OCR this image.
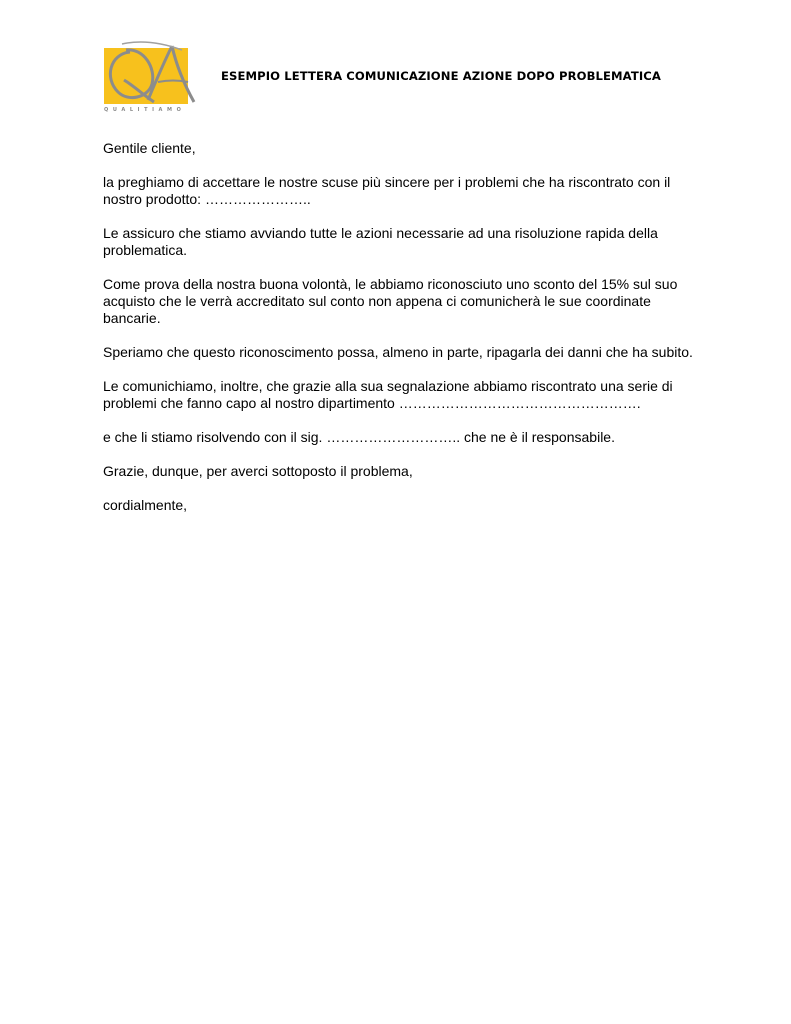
QUALITIAMO
ESEMPIO LETTERA COMUNICAZIONE AZIONE DOPO PROBLEMATICA

Gentile cliente,

la preghiamo di accettare le nostre scuse più sincere per i problemi che ha riscontrato con il nostro prodotto: …………………..

Le assicuro che stiamo avviando tutte le azioni necessarie ad una risoluzione rapida della problematica.

Come prova della nostra buona volontà, le abbiamo riconosciuto uno sconto del 15% sul suo acquisto che le verrà accreditato sul conto non appena ci comunicherà le sue coordinate bancarie.

Speriamo che questo riconoscimento possa, almeno in parte, ripagarla dei danni che ha subito.

Le comunichiamo, inoltre, che grazie alla sua segnalazione abbiamo riscontrato una serie di problemi che fanno capo al nostro dipartimento …………………………………………….

e che li stiamo risolvendo con il sig. ……………………….. che ne è il responsabile.

Grazie, dunque, per averci sottoposto il problema,

cordialmente,
